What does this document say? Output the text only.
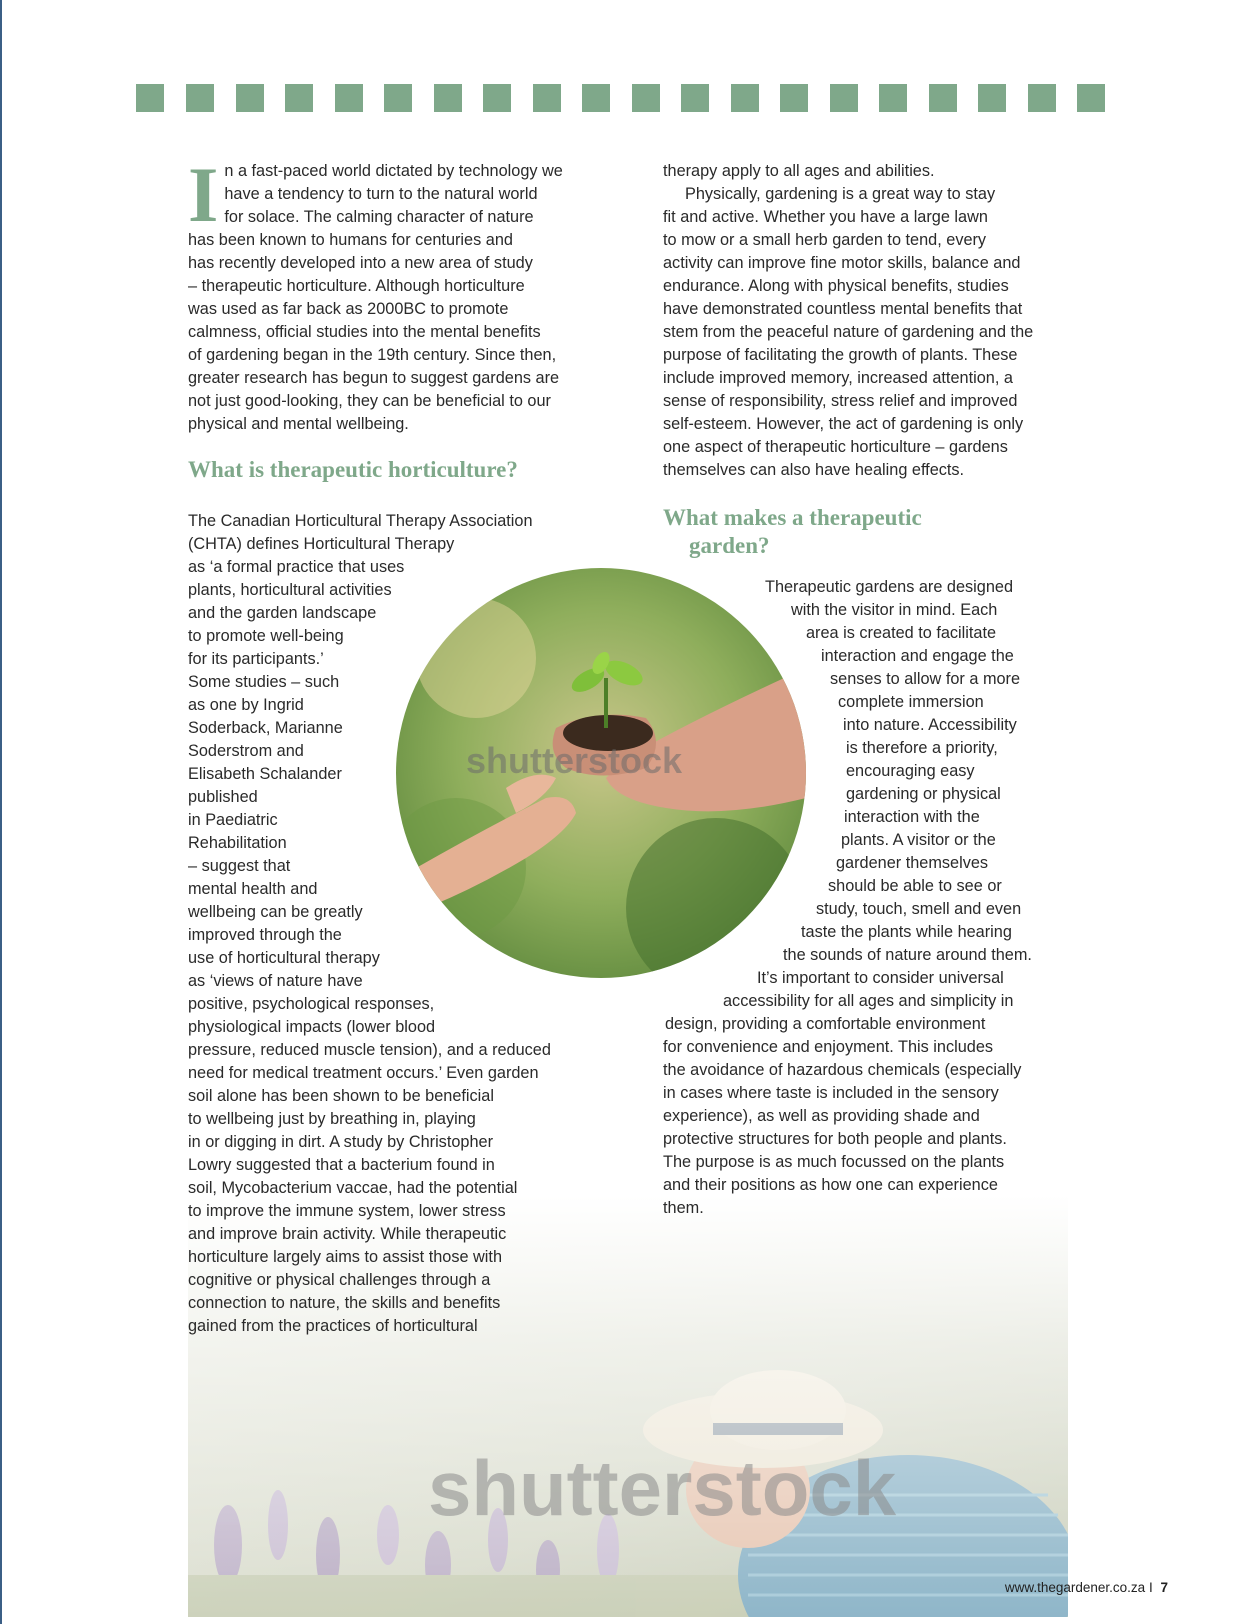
shutterstock
shutterstock
I n a fast-paced world dictated by technology we
have a tendency to turn to the natural world
for solace. The calming character of nature
has been known to humans for centuries and
has recently developed into a new area of study
– therapeutic horticulture. Although horticulture
was used as far back as 2000BC to promote
calmness, official studies into the mental benefits
of gardening began in the 19th century. Since then,
greater research has begun to suggest gardens are
not just good-looking, they can be beneficial to our
physical and mental wellbeing.
What is therapeutic horticulture?
The Canadian Horticultural Therapy Association
(CHTA) defines Horticultural Therapy
as ‘a formal practice that uses
plants, horticultural activities
and the garden landscape
to promote well-being
for its participants.’
Some studies – such
as one by Ingrid
Soderback, Marianne
Soderstrom and
Elisabeth Schalander
published
in Paediatric
Rehabilitation
– suggest that
mental health and
wellbeing can be greatly
improved through the
use of horticultural therapy
as ‘views of nature have
positive, psychological responses,
physiological impacts (lower blood
pressure, reduced muscle tension), and a reduced
need for medical treatment occurs.’ Even garden
soil alone has been shown to be beneficial
to wellbeing just by breathing in, playing
in or digging in dirt. A study by Christopher
Lowry suggested that a bacterium found in
soil, Mycobacterium vaccae, had the potential
to improve the immune system, lower stress
and improve brain activity. While therapeutic
horticulture largely aims to assist those with
cognitive or physical challenges through a
connection to nature, the skills and benefits
gained from the practices of horticultural
therapy apply to all ages and abilities.
Physically, gardening is a great way to stay
fit and active. Whether you have a large lawn
to mow or a small herb garden to tend, every
activity can improve fine motor skills, balance and
endurance. Along with physical benefits, studies
have demonstrated countless mental benefits that
stem from the peaceful nature of gardening and the
purpose of facilitating the growth of plants. These
include improved memory, increased attention, a
sense of responsibility, stress relief and improved
self-esteem. However, the act of gardening is only
one aspect of therapeutic horticulture – gardens
themselves can also have healing effects.
What makes a therapeutic
garden?
Therapeutic gardens are designed
with the visitor in mind. Each
area is created to facilitate
interaction and engage the
senses to allow for a more
complete immersion
into nature. Accessibility
is therefore a priority,
encouraging easy
gardening or physical
interaction with the
plants. A visitor or the
gardener themselves
should be able to see or
study, touch, smell and even
taste the plants while hearing
the sounds of nature around them.
It’s important to consider universal
accessibility for all ages and simplicity in
design, providing a comfortable environment
for convenience and enjoyment. This includes
the avoidance of hazardous chemicals (especially
in cases where taste is included in the sensory
experience), as well as providing shade and
protective structures for both people and plants.
The purpose is as much focussed on the plants
and their positions as how one can experience
them.
www.thegardener.co.za I 7
